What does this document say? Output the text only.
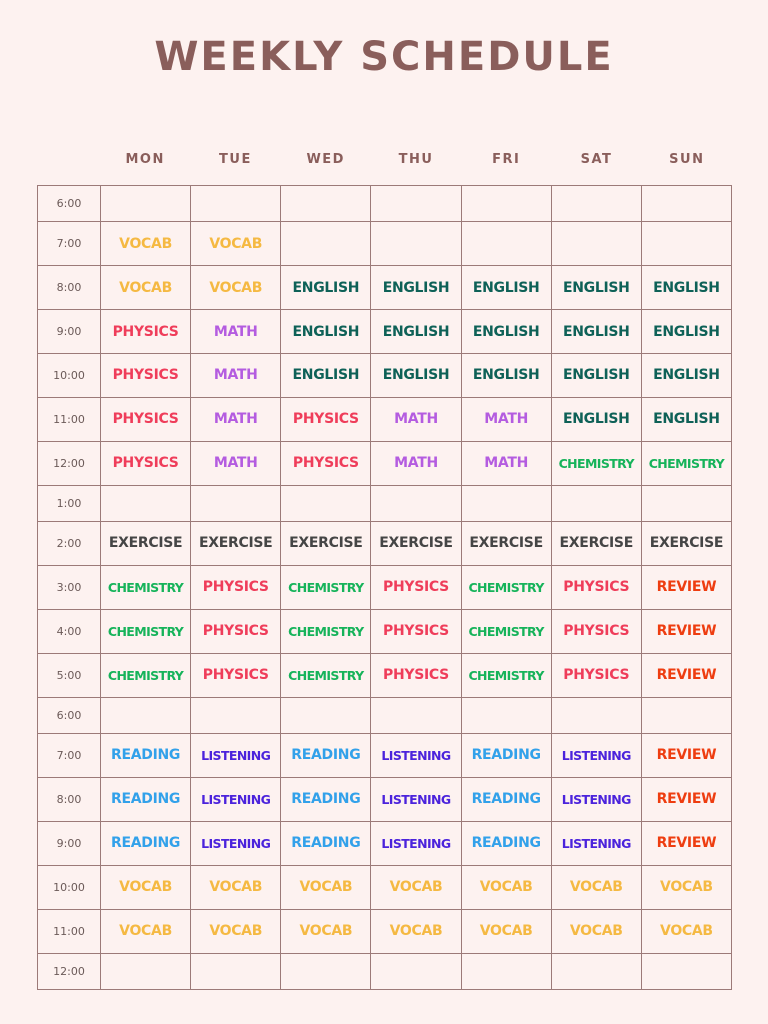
WEEKLY SCHEDULE
MON	TUE	WED	THU	FRI	SAT	SUN
6:00							
7:00	VOCAB	VOCAB					
8:00	VOCAB	VOCAB	ENGLISH	ENGLISH	ENGLISH	ENGLISH	ENGLISH
9:00	PHYSICS	MATH	ENGLISH	ENGLISH	ENGLISH	ENGLISH	ENGLISH
10:00	PHYSICS	MATH	ENGLISH	ENGLISH	ENGLISH	ENGLISH	ENGLISH
11:00	PHYSICS	MATH	PHYSICS	MATH	MATH	ENGLISH	ENGLISH
12:00	PHYSICS	MATH	PHYSICS	MATH	MATH	CHEMISTRY	CHEMISTRY
1:00							
2:00	EXERCISE	EXERCISE	EXERCISE	EXERCISE	EXERCISE	EXERCISE	EXERCISE
3:00	CHEMISTRY	PHYSICS	CHEMISTRY	PHYSICS	CHEMISTRY	PHYSICS	REVIEW
4:00	CHEMISTRY	PHYSICS	CHEMISTRY	PHYSICS	CHEMISTRY	PHYSICS	REVIEW
5:00	CHEMISTRY	PHYSICS	CHEMISTRY	PHYSICS	CHEMISTRY	PHYSICS	REVIEW
6:00							
7:00	READING	LISTENING	READING	LISTENING	READING	LISTENING	REVIEW
8:00	READING	LISTENING	READING	LISTENING	READING	LISTENING	REVIEW
9:00	READING	LISTENING	READING	LISTENING	READING	LISTENING	REVIEW
10:00	VOCAB	VOCAB	VOCAB	VOCAB	VOCAB	VOCAB	VOCAB
11:00	VOCAB	VOCAB	VOCAB	VOCAB	VOCAB	VOCAB	VOCAB
12:00							
